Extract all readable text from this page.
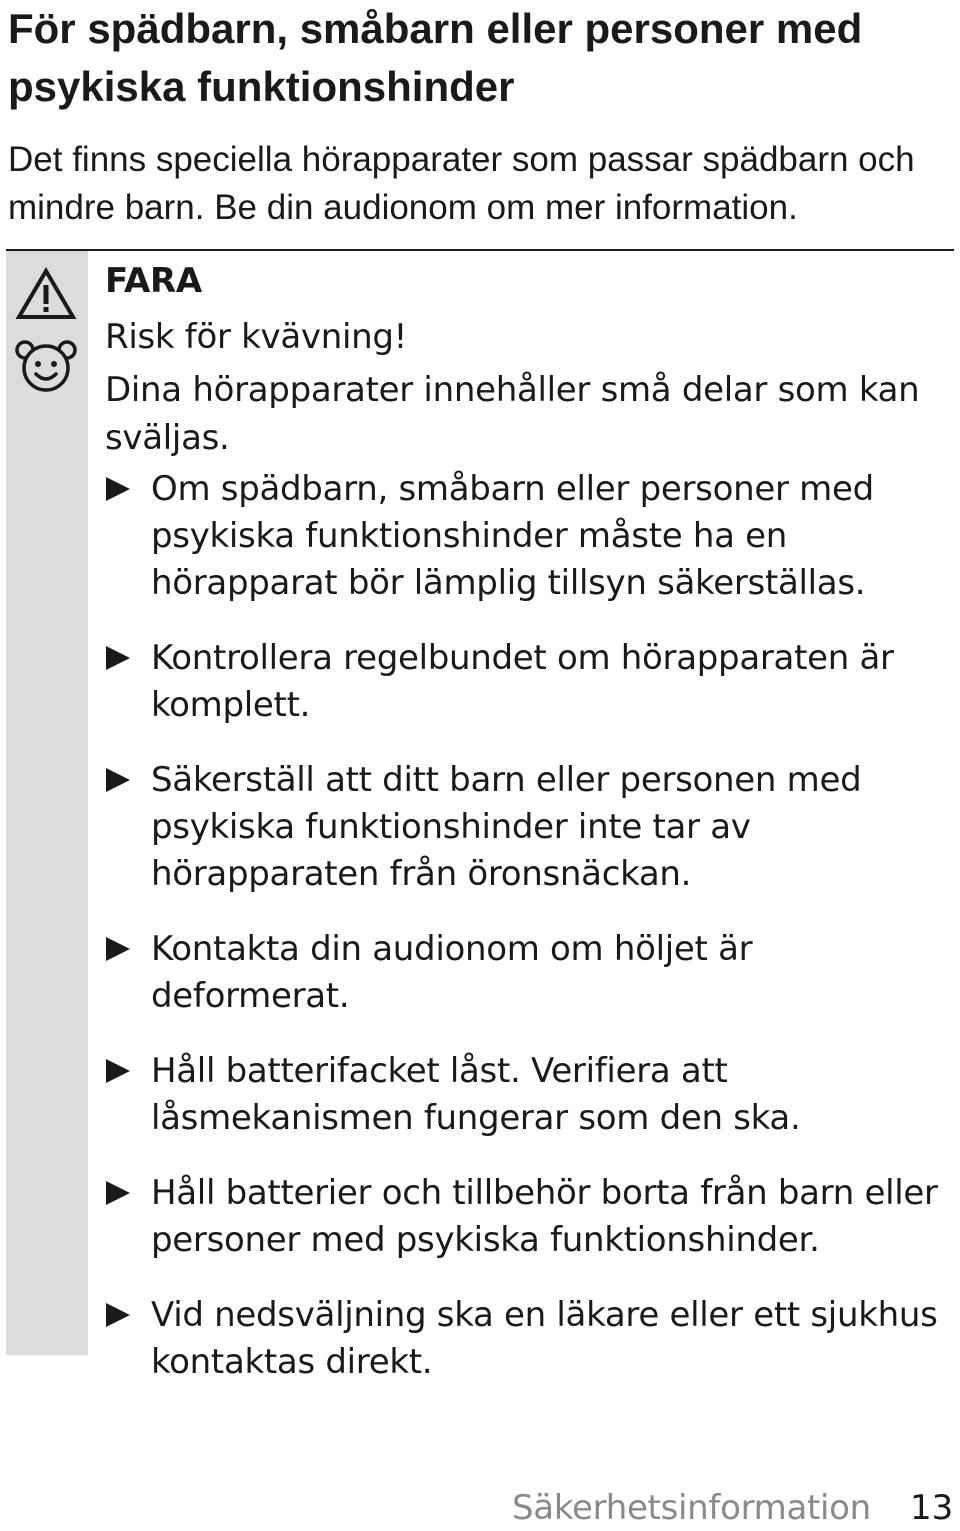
För spädbarn, småbarn eller personer med
psykiska funktionshinder
Det finns speciella hörapparater som passar spädbarn och
mindre barn. Be din audionom om mer information.
FARA
Risk för kvävning!
Dina hörapparater innehåller små delar som kan sväljas.
Om spädbarn, småbarn eller personer med psykiska funktionshinder måste ha en hörapparat bör lämplig tillsyn säkerställas.
Kontrollera regelbundet om hörapparaten är komplett.
Säkerställ att ditt barn eller personen med psykiska funktionshinder inte tar av hörapparaten från öronsnäckan.
Kontakta din audionom om höljet är deformerat.
Håll batterifacket låst. Verifiera att låsmekanismen fungerar som den ska.
Håll batterier och tillbehör borta från barn eller personer med psykiska funktionshinder.
Vid nedsväljning ska en läkare eller ett sjukhus kontaktas direkt.
Säkerhetsinformation 13
